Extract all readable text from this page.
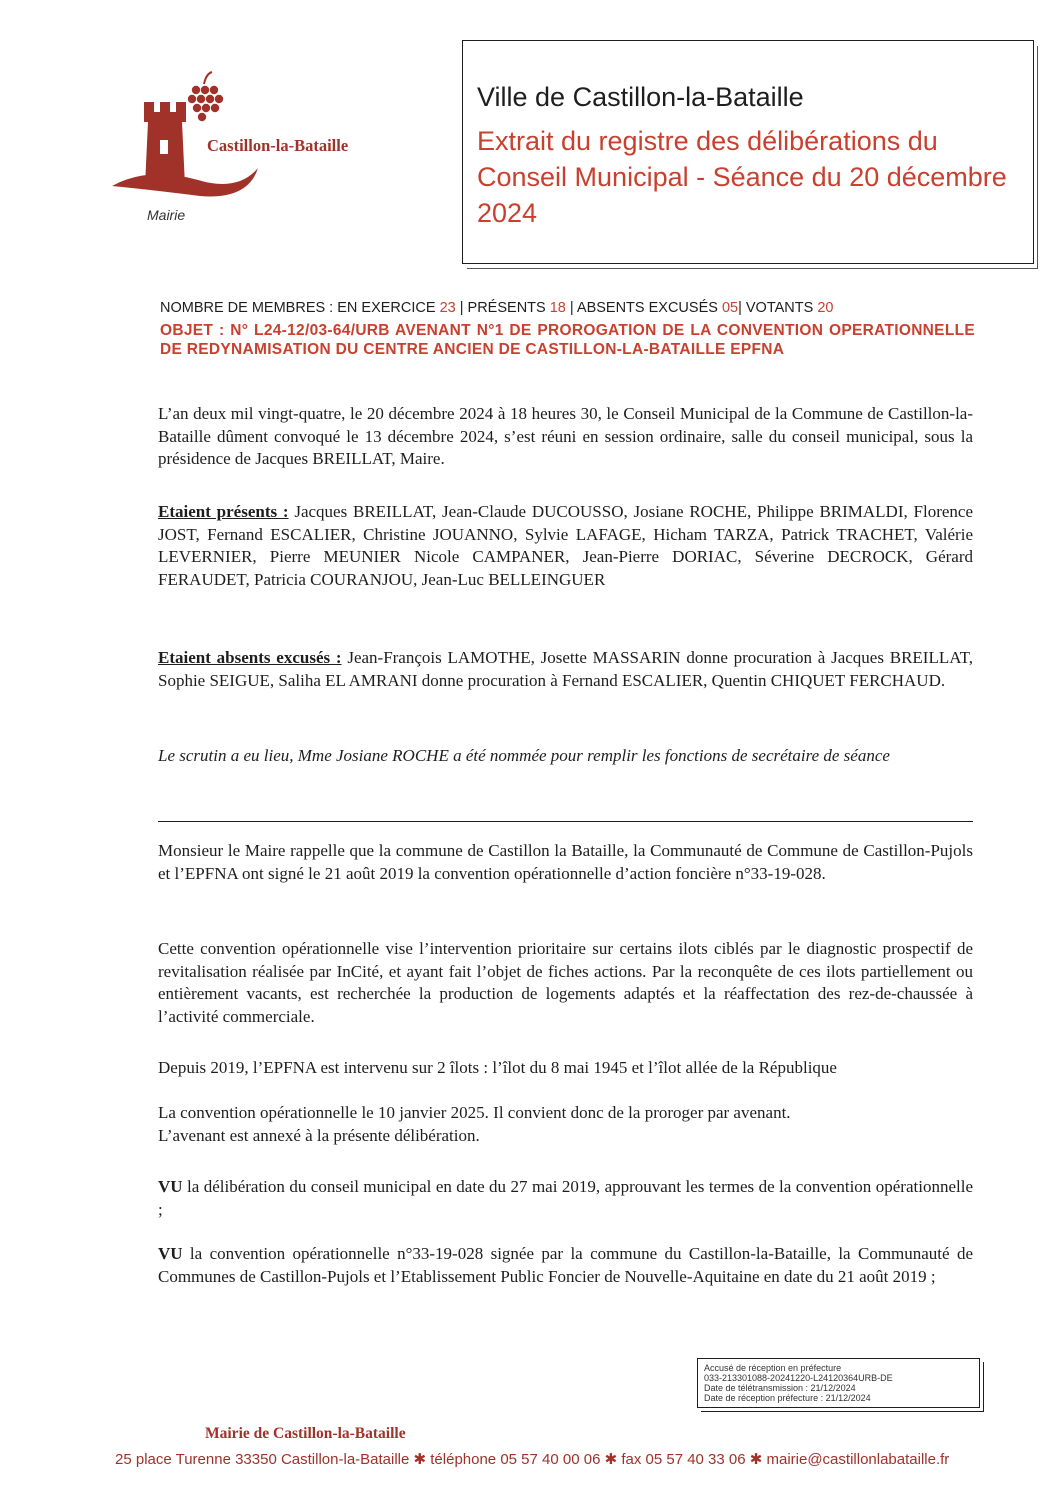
Castillon-la-Bataille
Mairie
Ville de Castillon-la-Bataille
Extrait du registre des délibérations du Conseil Municipal - Séance du 20 décembre 2024
NOMBRE DE MEMBRES : EN EXERCICE 23 | PRÉSENTS 18 | ABSENTS EXCUSÉS 05| VOTANTS 20
OBJET : N° L24-12/03-64/URB AVENANT N°1 DE PROROGATION DE LA CONVENTION OPERATIONNELLE DE REDYNAMISATION DU CENTRE ANCIEN DE CASTILLON-LA-BATAILLE EPFNA
L’an deux mil vingt-quatre, le 20 décembre 2024 à 18 heures 30, le Conseil Municipal de la Commune de Castillon-la-Bataille dûment convoqué le 13 décembre 2024, s’est réuni en session ordinaire, salle du conseil municipal, sous la présidence de Jacques BREILLAT, Maire.
Etaient présents : Jacques BREILLAT, Jean-Claude DUCOUSSO, Josiane ROCHE, Philippe BRIMALDI, Florence JOST, Fernand ESCALIER, Christine JOUANNO, Sylvie LAFAGE, Hicham TARZA, Patrick TRACHET, Valérie LEVERNIER, Pierre MEUNIER Nicole CAMPANER, Jean-Pierre DORIAC, Séverine DECROCK, Gérard FERAUDET, Patricia COURANJOU, Jean-Luc BELLEINGUER
Etaient absents excusés : Jean-François LAMOTHE, Josette MASSARIN donne procuration à Jacques BREILLAT, Sophie SEIGUE, Saliha EL AMRANI donne procuration à Fernand ESCALIER, Quentin CHIQUET FERCHAUD.
Le scrutin a eu lieu, Mme Josiane ROCHE a été nommée pour remplir les fonctions de secrétaire de séance
Monsieur le Maire rappelle que la commune de Castillon la Bataille, la Communauté de Commune de Castillon-Pujols et l’EPFNA ont signé le 21 août 2019 la convention opérationnelle d’action foncière n°33-19-028.
Cette convention opérationnelle vise l’intervention prioritaire sur certains ilots ciblés par le diagnostic prospectif de revitalisation réalisée par InCité, et ayant fait l’objet de fiches actions. Par la reconquête de ces ilots partiellement ou entièrement vacants, est recherchée la production de logements adaptés et la réaffectation des rez-de-chaussée à l’activité commerciale.
Depuis 2019, l’EPFNA est intervenu sur 2 îlots : l’îlot du 8 mai 1945 et l’îlot allée de la République
La convention opérationnelle le 10 janvier 2025. Il convient donc de la proroger par avenant.
L’avenant est annexé à la présente délibération.
VU la délibération du conseil municipal en date du 27 mai 2019, approuvant les termes de la convention opérationnelle ;
VU la convention opérationnelle n°33-19-028 signée par la commune du Castillon-la-Bataille, la Communauté de Communes de Castillon-Pujols et l’Etablissement Public Foncier de Nouvelle-Aquitaine en date du 21 août 2019 ;
Accusé de réception en préfecture
033-213301088-20241220-L24120364URB-DE
Date de télétransmission : 21/12/2024
Date de réception préfecture : 21/12/2024
Mairie de Castillon-la-Bataille
25 place Turenne 33350 Castillon-la-Bataille ✱ téléphone 05 57 40 00 06 ✱ fax 05 57 40 33 06 ✱ mairie@castillonlabataille.fr
